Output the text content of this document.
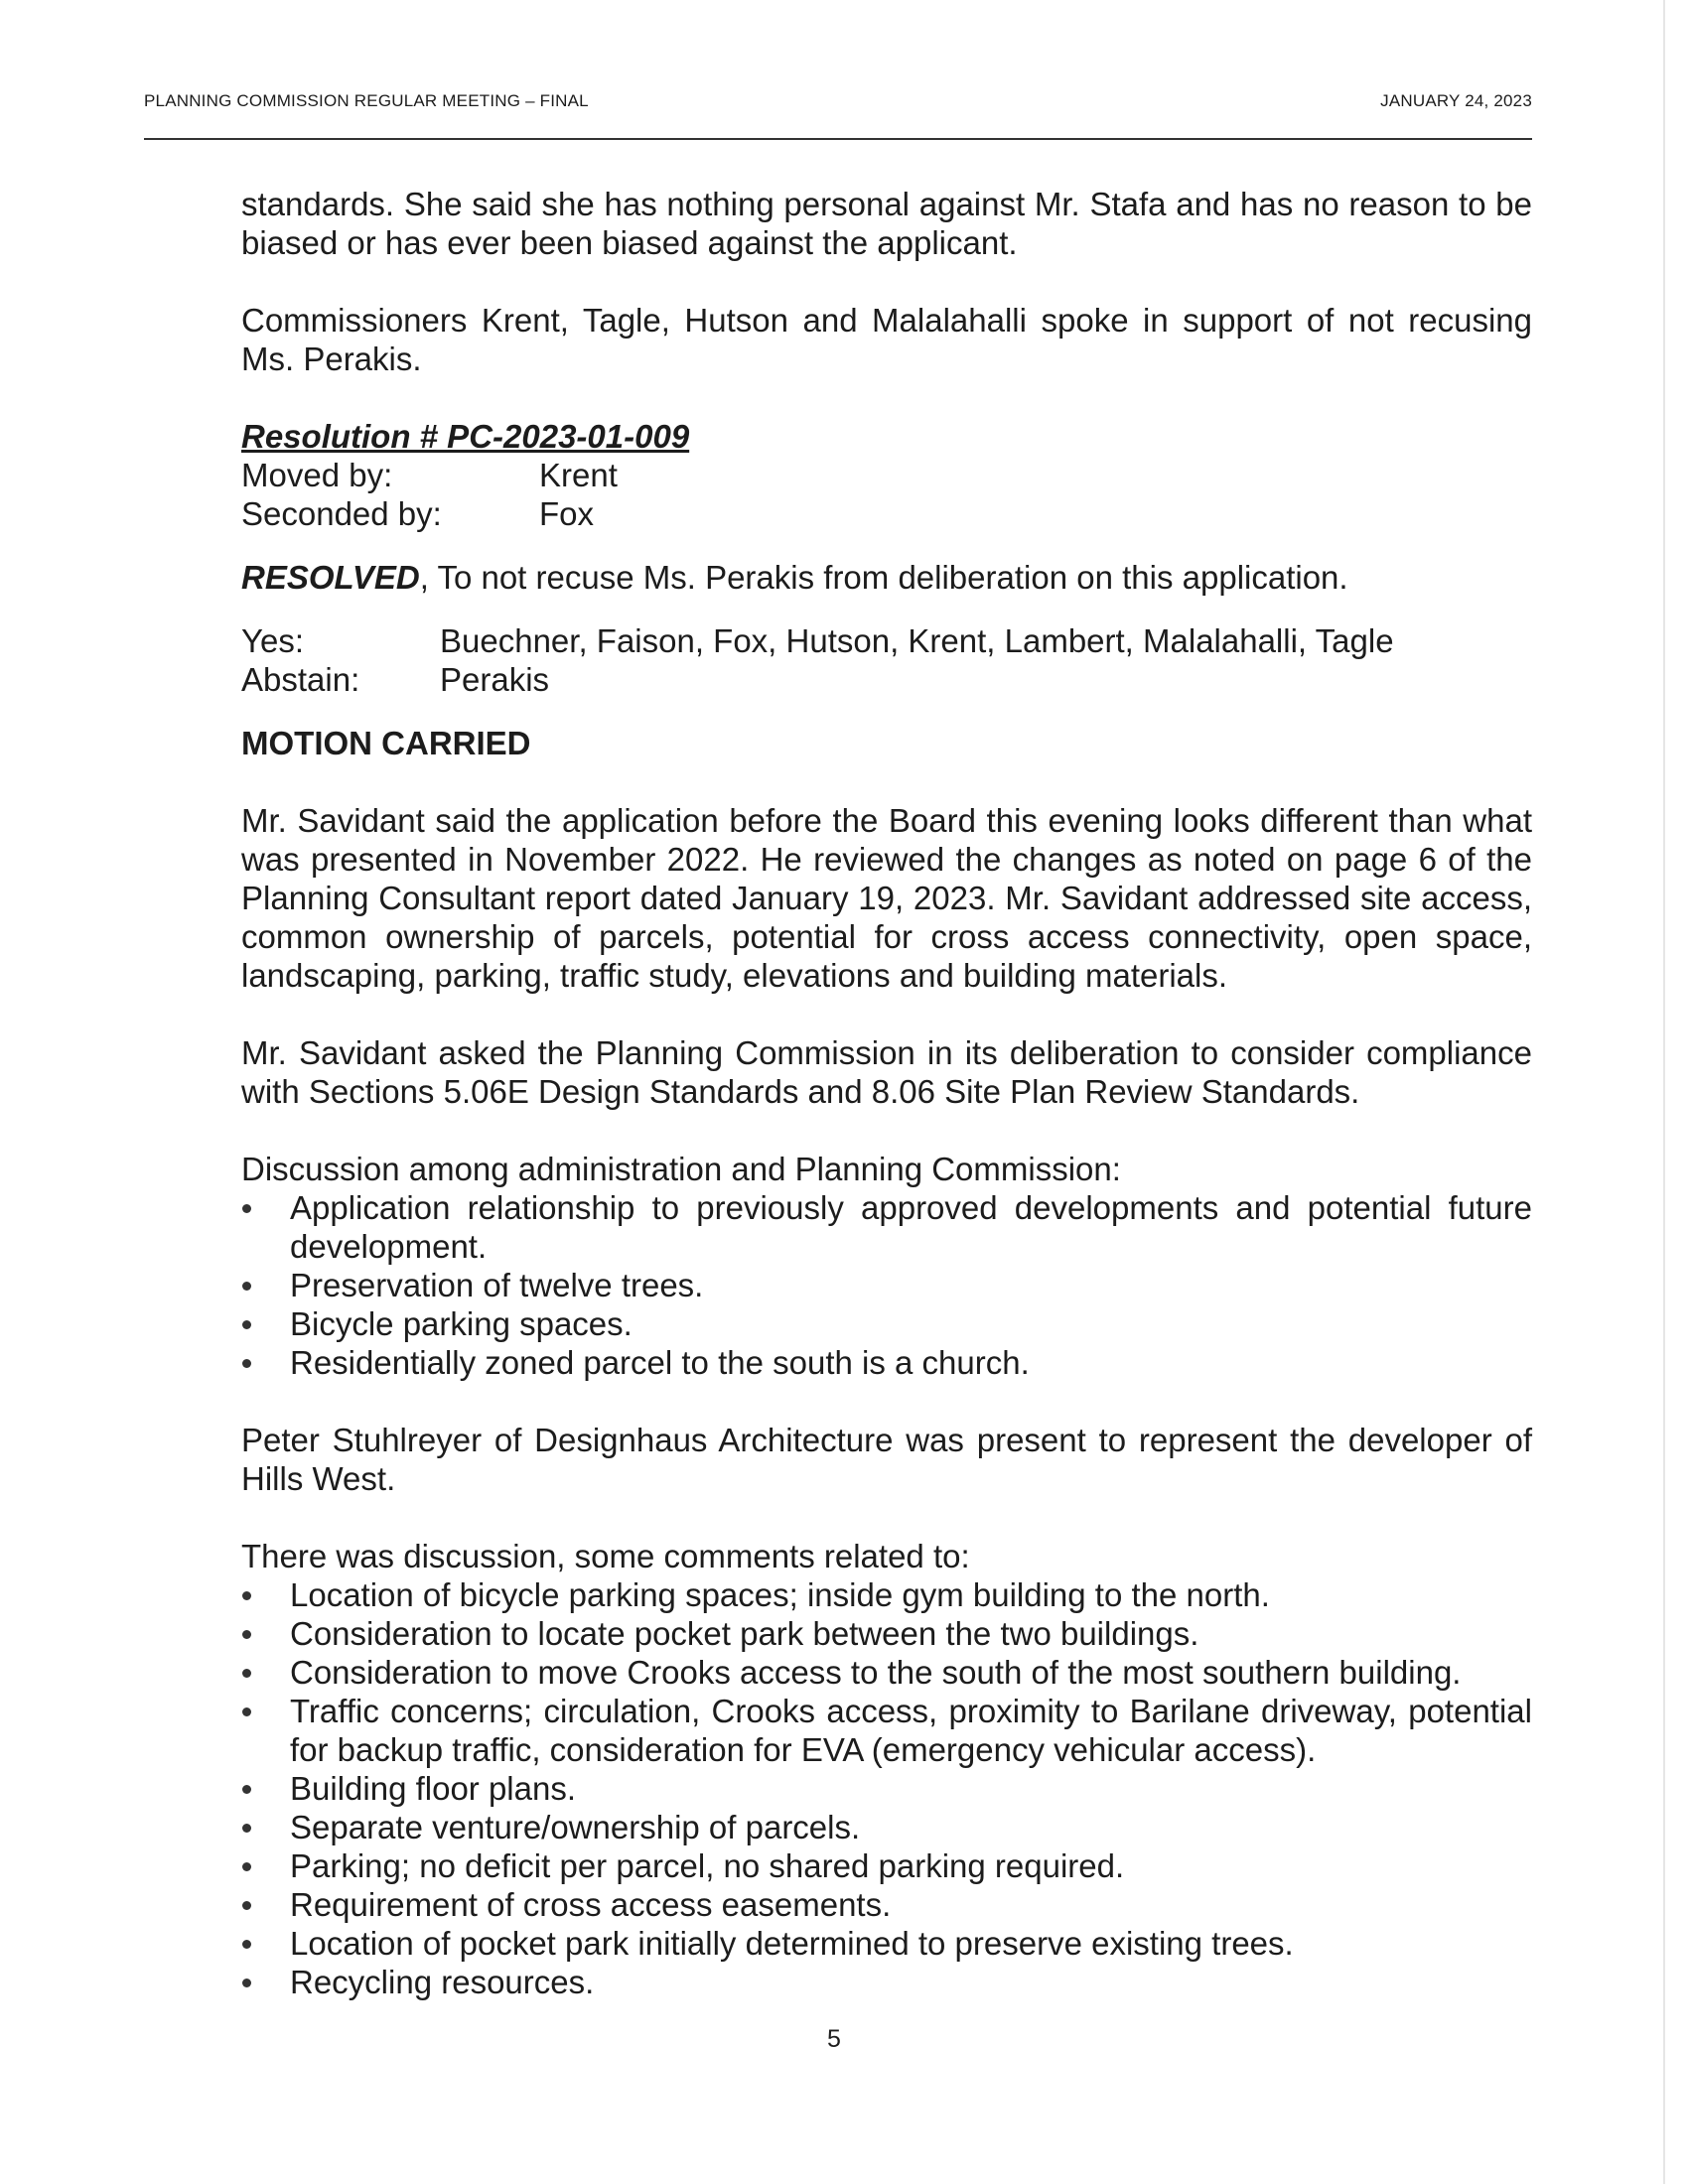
PLANNING COMMISSION REGULAR MEETING – FINAL	JANUARY 24, 2023

standards. She said she has nothing personal against Mr. Stafa and has no reason to be biased or has ever been biased against the applicant.

Commissioners Krent, Tagle, Hutson and Malalahalli spoke in support of not recusing Ms. Perakis.

Resolution # PC-2023-01-009
Moved by:	Krent
Seconded by:	Fox

RESOLVED, To not recuse Ms. Perakis from deliberation on this application.

Yes:	Buechner, Faison, Fox, Hutson, Krent, Lambert, Malalahalli, Tagle
Abstain:	Perakis
MOTION CARRIED

Mr. Savidant said the application before the Board this evening looks different than what was presented in November 2022. He reviewed the changes as noted on page 6 of the Planning Consultant report dated January 19, 2023. Mr. Savidant addressed site access, common ownership of parcels, potential for cross access connectivity, open space, landscaping, parking, traffic study, elevations and building materials.

Mr. Savidant asked the Planning Commission in its deliberation to consider compliance with Sections 5.06E Design Standards and 8.06 Site Plan Review Standards.

Discussion among administration and Planning Commission:

Application relationship to previously approved developments and potential future development.
Preservation of twelve trees.
Bicycle parking spaces.
Residentially zoned parcel to the south is a church.

Peter Stuhlreyer of Designhaus Architecture was present to represent the developer of Hills West.

There was discussion, some comments related to:

Location of bicycle parking spaces; inside gym building to the north.
Consideration to locate pocket park between the two buildings.
Consideration to move Crooks access to the south of the most southern building.
Traffic concerns; circulation, Crooks access, proximity to Barilane driveway, potential for backup traffic, consideration for EVA (emergency vehicular access).
Building floor plans.
Separate venture/ownership of parcels.
Parking; no deficit per parcel, no shared parking required.
Requirement of cross access easements.
Location of pocket park initially determined to preserve existing trees.
Recycling resources.
5
